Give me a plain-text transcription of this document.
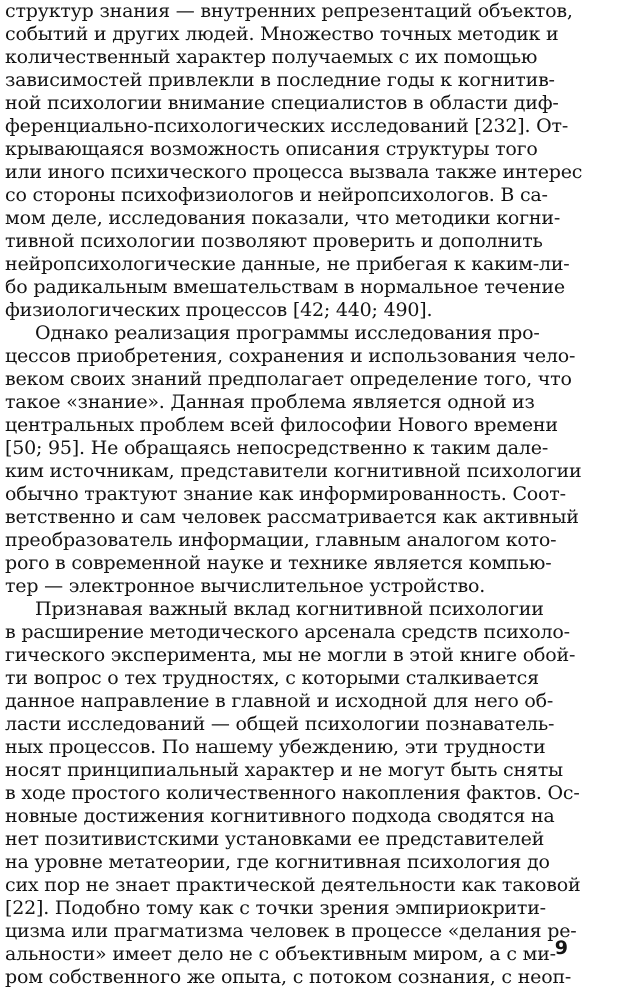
структур знания — внутренних репрезентаций объектов,
событий и других людей. Множество точных методик и
количественный характер получаемых с их помощью
зависимостей привлекли в последние годы к когнитив-
ной психологии внимание специалистов в области диф-
ференциально-психологических исследований [232]. От-
крывающаяся возможность описания структуры того
или иного психического процесса вызвала также интерес
со стороны психофизиологов и нейропсихологов. В са-
мом деле, исследования показали, что методики когни-
тивной психологии позволяют проверить и дополнить
нейропсихологические данные, не прибегая к каким-ли-
бо радикальным вмешательствам в нормальное течение
физиологических процессов [42; 440; 490].
Однако реализация программы исследования про-
цессов приобретения, сохранения и использования чело-
веком своих знаний предполагает определение того, что
такое «знание». Данная проблема является одной из
центральных проблем всей философии Нового времени
[50; 95]. Не обращаясь непосредственно к таким дале-
ким источникам, представители когнитивной психологии
обычно трактуют знание как информированность. Соот-
ветственно и сам человек рассматривается как активный
преобразователь информации, главным аналогом кото-
рого в современной науке и технике является компью-
тер — электронное вычислительное устройство.
Признавая важный вклад когнитивной психологии
в расширение методического арсенала средств психоло-
гического эксперимента, мы не могли в этой книге обой-
ти вопрос о тех трудностях, с которыми сталкивается
данное направление в главной и исходной для него об-
ласти исследований — общей психологии познаватель-
ных процессов. По нашему убеждению, эти трудности
носят принципиальный характер и не могут быть сняты
в ходе простого количественного накопления фактов. Ос-
новные достижения когнитивного подхода сводятся на
нет позитивистскими установками ее представителей
на уровне метатеории, где когнитивная психология до
сих пор не знает практической деятельности как таковой
[22]. Подобно тому как с точки зрения эмпириокрити-
цизма или прагматизма человек в процессе «делания ре-
альности» имеет дело не с объективным миром, а с ми-
ром собственного же опыта, с потоком сознания, с неоп-
9
